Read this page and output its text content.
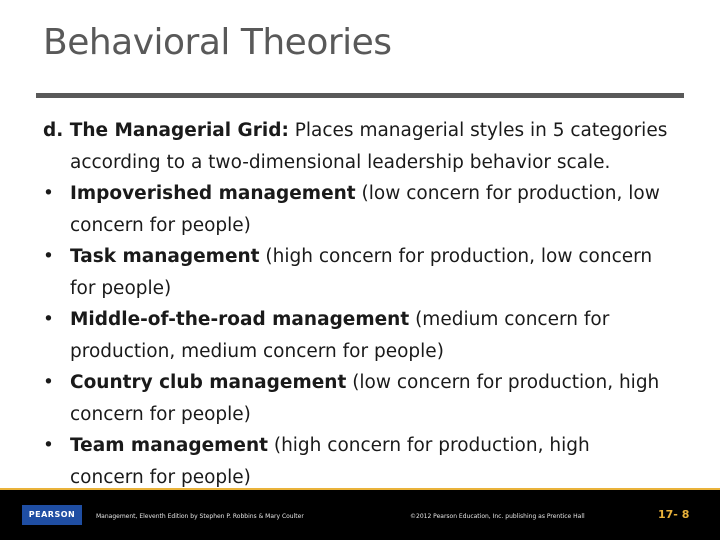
Behavioral Theories
d. The Managerial Grid: Places managerial styles in 5 categories
according to a two-dimensional leadership behavior scale.
• Impoverished management (low concern for production, low
concern for people)
• Task management (high concern for production, low concern
for people)
• Middle-of-the-road management (medium concern for
production, medium concern for people)
• Country club management (low concern for production, high
concern for people)
• Team management (high concern for production, high
concern for people)
PEARSON	Management, Eleventh Edition by Stephen P. Robbins & Mary Coulter	©2012 Pearson Education, Inc. publishing as Prentice Hall	17- 8
